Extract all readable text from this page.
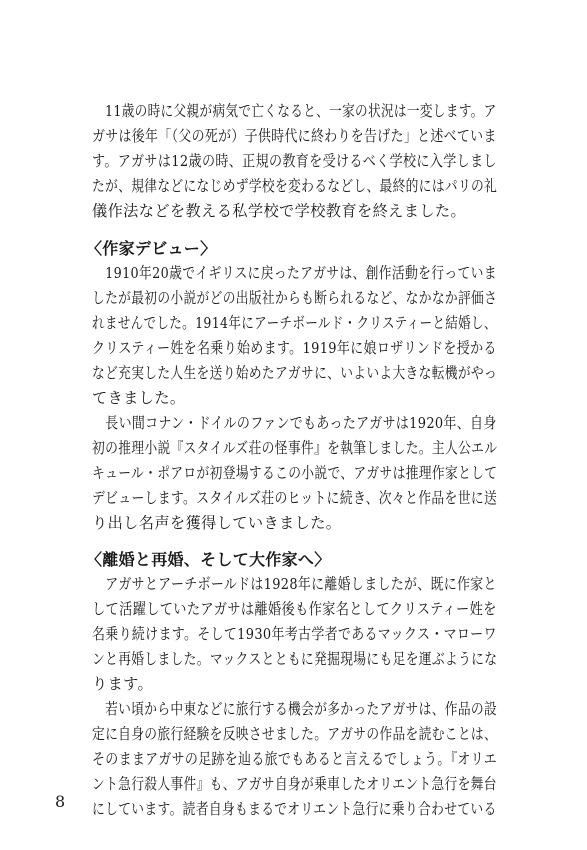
　11歳の時に父親が病気で亡くなると、一家の状況は一変します。ア
ガサは後年「（父の死が）子供時代に終わりを告げた」と述べていま
す。アガサは12歳の時、正規の教育を受けるべく学校に入学しまし
たが、規律などになじめず学校を変わるなどし、最終的にはパリの礼
儀作法などを教える私学校で学校教育を終えました。
〈作家デビュー〉
　1910年20歳でイギリスに戻ったアガサは、創作活動を行っていま
したが最初の小説がどの出版社からも断られるなど、なかなか評価さ
れませんでした。1914年にアーチボールド・クリスティーと結婚し、
クリスティー姓を名乗り始めます。1919年に娘ロザリンドを授かる
など充実した人生を送り始めたアガサに、いよいよ大きな転機がやっ
てきました。
　長い間コナン・ドイルのファンでもあったアガサは1920年、自身
初の推理小説『スタイルズ荘の怪事件』を執筆しました。主人公エル
キュール・ポアロが初登場するこの小説で、アガサは推理作家として
デビューします。スタイルズ荘のヒットに続き、次々と作品を世に送
り出し名声を獲得していきました。
〈離婚と再婚、そして大作家へ〉
　アガサとアーチボールドは1928年に離婚しましたが、既に作家と
して活躍していたアガサは離婚後も作家名としてクリスティー姓を
名乗り続けます。そして1930年考古学者であるマックス・マローワ
ンと再婚しました。マックスとともに発掘現場にも足を運ぶようにな
ります。
　若い頃から中東などに旅行する機会が多かったアガサは、作品の設
定に自身の旅行経験を反映させました。アガサの作品を読むことは、
そのままアガサの足跡を辿る旅でもあると言えるでしょう。『オリエ
ント急行殺人事件』も、アガサ自身が乗車したオリエント急行を舞台
にしています。読者自身もまるでオリエント急行に乗り合わせている
8
